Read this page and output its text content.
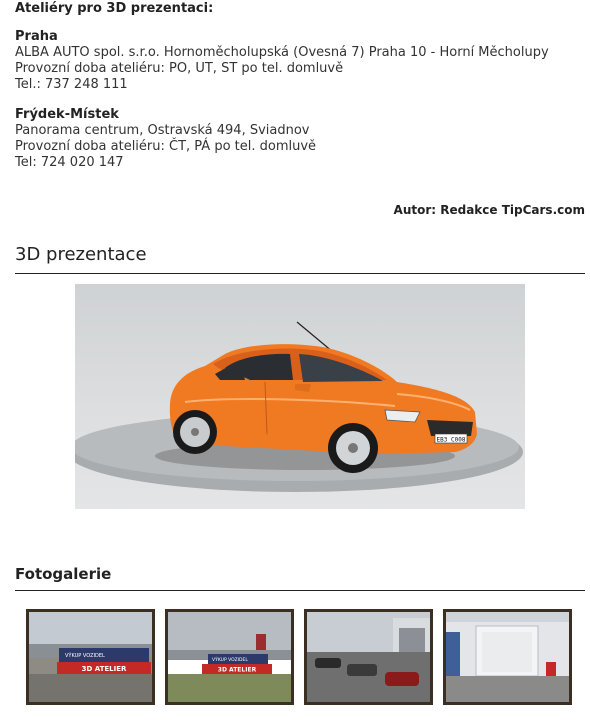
Ateliéry pro 3D prezentaci:
Praha
ALBA AUTO spol. s.r.o. Hornoměcholupská (Ovesná 7) Praha 10 - Horní Měcholupy
Provozní doba ateliéru: PO, UT, ST po tel. domluvě
Tel.: 737 248 111
Frýdek-Místek
Panorama centrum, Ostravská 494, Sviadnov
Provozní doba ateliéru: ČT, PÁ po tel. domluvě
Tel: 724 020 147
Autor: Redakce TipCars.com
3D prezentace
EB3 C008
Fotogalerie
VÝKUP VOZIDEL
3D ATELIER
VÝKUP VOZIDEL
3D ATELIER
